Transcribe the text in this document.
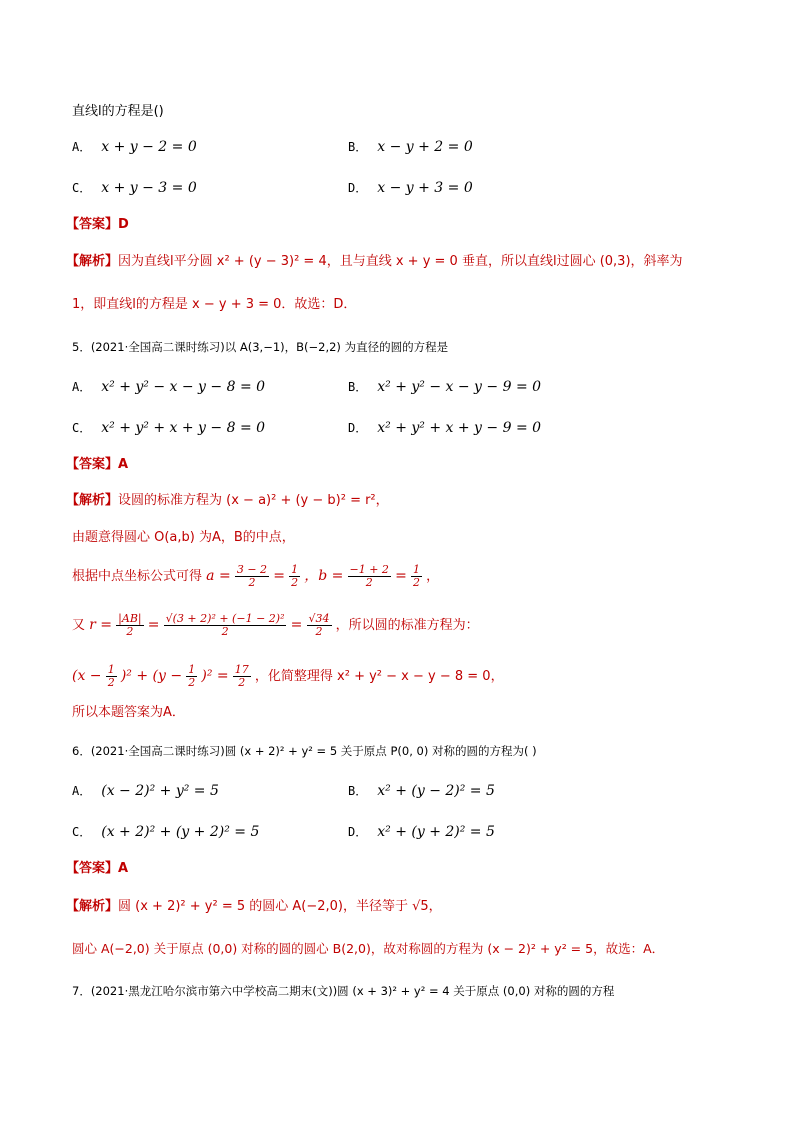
直线l的方程是()
A． x + y − 2 = 0	B． x − y + 2 = 0
C． x + y − 3 = 0	D． x − y + 3 = 0
【答案】D
【解析】因为直线l平分圆 x² + (y − 3)² = 4，且与直线 x + y = 0 垂直，所以直线l过圆心 (0,3)，斜率为
1，即直线l的方程是 x − y + 3 = 0．故选：D．
5．(2021·全国高二课时练习)以 A(3,−1)，B(−2,2) 为直径的圆的方程是
A． x² + y² − x − y − 8 = 0	B． x² + y² − x − y − 9 = 0
C． x² + y² + x + y − 8 = 0	D． x² + y² + x + y − 9 = 0
【答案】A
【解析】设圆的标准方程为 (x − a)² + (y − b)² = r²，
由题意得圆心 O(a,b) 为A，B的中点，
根据中点坐标公式可得 $a = \frac{3 - 2}{2} = \frac{1}{2}$ ，$b = \frac{-1 + 2}{2} = \frac{1}{2}$ ，
又 $r = \frac{|AB|}{2} = \frac{\text{√(3 + 2)² + (−1 − 2)²}}{2} = \frac{√34}{2}$ ，所以圆的标准方程为：
$(x - \frac{1}{2} )^2 + (y - \frac{1}{2} )^2 = \frac{17}{2}$ ，化简整理得 x² + y² − x − y − 8 = 0，
所以本题答案为A．
6．(2021·全国高二课时练习)圆 (x + 2)² + y² = 5 关于原点 P(0, 0) 对称的圆的方程为( )
A． (x − 2)² + y² = 5	B． x² + (y − 2)² = 5
C． (x + 2)² + (y + 2)² = 5	D． x² + (y + 2)² = 5
【答案】A
【解析】圆 (x + 2)² + y² = 5 的圆心 A(−2,0)，半径等于 √5，
圆心 A(−2,0) 关于原点 (0,0) 对称的圆的圆心 B(2,0)，故对称圆的方程为 (x − 2)² + y² = 5，故选：A．
7．(2021·黑龙江哈尔滨市第六中学校高二期末(文))圆 (x + 3)² + y² = 4 关于原点 (0,0) 对称的圆的方程
